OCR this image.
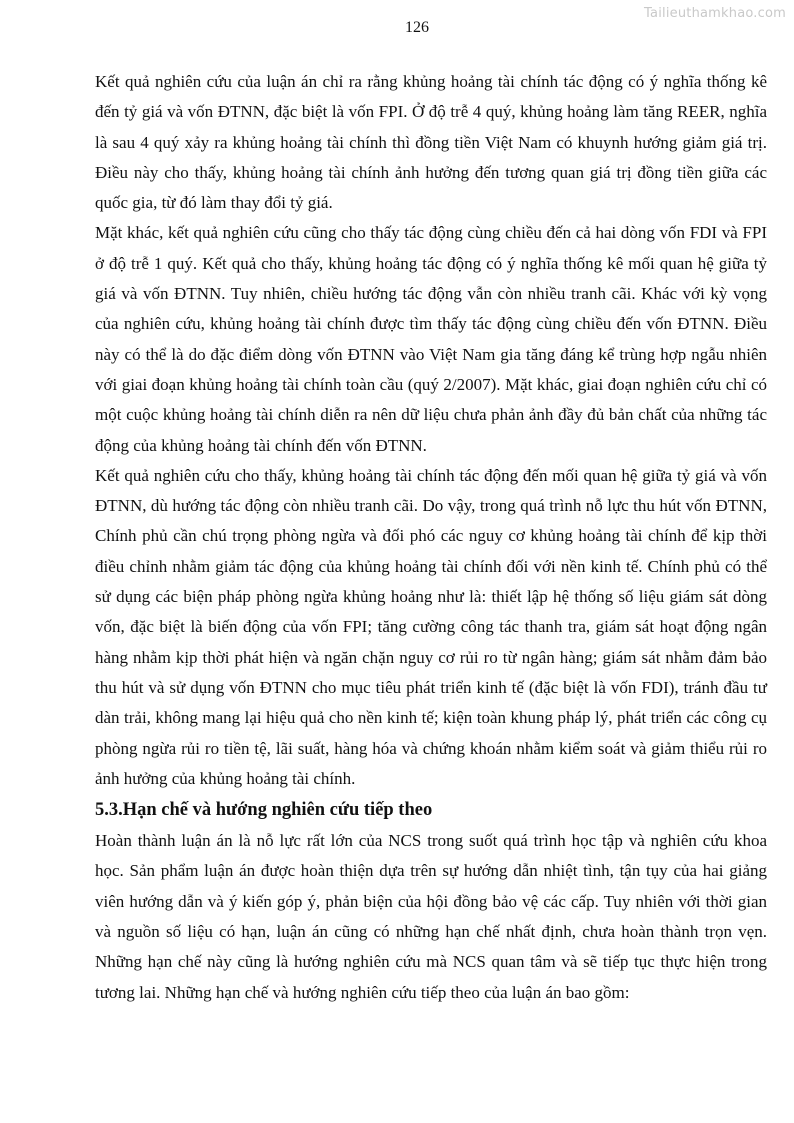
Tailieuthamkhao.com
126

Kết quả nghiên cứu của luận án chỉ ra rằng khủng hoảng tài chính tác động có ý nghĩa thống kê đến tỷ giá và vốn ĐTNN, đặc biệt là vốn FPI. Ở độ trễ 4 quý, khủng hoảng làm tăng REER, nghĩa là sau 4 quý xảy ra khủng hoảng tài chính thì đồng tiền Việt Nam có khuynh hướng giảm giá trị. Điều này cho thấy, khủng hoảng tài chính ảnh hưởng đến tương quan giá trị đồng tiền giữa các quốc gia, từ đó làm thay đổi tỷ giá.

Mặt khác, kết quả nghiên cứu cũng cho thấy tác động cùng chiều đến cả hai dòng vốn FDI và FPI ở độ trễ 1 quý. Kết quả cho thấy, khủng hoảng tác động có ý nghĩa thống kê mối quan hệ giữa tỷ giá và vốn ĐTNN. Tuy nhiên, chiều hướng tác động vẫn còn nhiều tranh cãi. Khác với kỳ vọng của nghiên cứu, khủng hoảng tài chính được tìm thấy tác động cùng chiều đến vốn ĐTNN. Điều này có thể là do đặc điểm dòng vốn ĐTNN vào Việt Nam gia tăng đáng kể trùng hợp ngẫu nhiên với giai đoạn khủng hoảng tài chính toàn cầu (quý 2/2007). Mặt khác, giai đoạn nghiên cứu chỉ có một cuộc khủng hoảng tài chính diễn ra nên dữ liệu chưa phản ảnh đầy đủ bản chất của những tác động của khủng hoảng tài chính đến vốn ĐTNN.

Kết quả nghiên cứu cho thấy, khủng hoảng tài chính tác động đến mối quan hệ giữa tỷ giá và vốn ĐTNN, dù hướng tác động còn nhiều tranh cãi. Do vậy, trong quá trình nỗ lực thu hút vốn ĐTNN, Chính phủ cần chú trọng phòng ngừa và đối phó các nguy cơ khủng hoảng tài chính để kịp thời điều chỉnh nhằm giảm tác động của khủng hoảng tài chính đối với nền kinh tế. Chính phủ có thể sử dụng các biện pháp phòng ngừa khủng hoảng như là: thiết lập hệ thống số liệu giám sát dòng vốn, đặc biệt là biến động của vốn FPI; tăng cường công tác thanh tra, giám sát hoạt động ngân hàng nhằm kịp thời phát hiện và ngăn chặn nguy cơ rủi ro từ ngân hàng; giám sát nhằm đảm bảo thu hút và sử dụng vốn ĐTNN cho mục tiêu phát triển kinh tế (đặc biệt là vốn FDI), tránh đầu tư dàn trải, không mang lại hiệu quả cho nền kinh tế; kiện toàn khung pháp lý, phát triển các công cụ phòng ngừa rủi ro tiền tệ, lãi suất, hàng hóa và chứng khoán nhằm kiểm soát và giảm thiểu rủi ro ảnh hưởng của khủng hoảng tài chính.

5.3.Hạn chế và hướng nghiên cứu tiếp theo

Hoàn thành luận án là nỗ lực rất lớn của NCS trong suốt quá trình học tập và nghiên cứu khoa học. Sản phẩm luận án được hoàn thiện dựa trên sự hướng dẫn nhiệt tình, tận tụy của hai giảng viên hướng dẫn và ý kiến góp ý, phản biện của hội đồng bảo vệ các cấp. Tuy nhiên với thời gian và nguồn số liệu có hạn, luận án cũng có những hạn chế nhất định, chưa hoàn thành trọn vẹn. Những hạn chế này cũng là hướng nghiên cứu mà NCS quan tâm và sẽ tiếp tục thực hiện trong tương lai. Những hạn chế và hướng nghiên cứu tiếp theo của luận án bao gồm:
